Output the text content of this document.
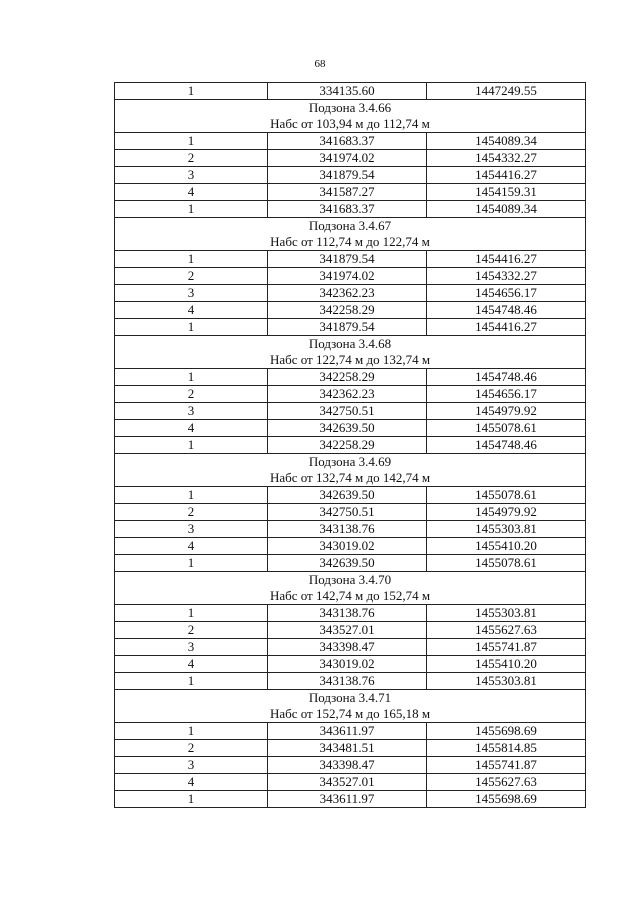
68
1	334135.60	1447249.55

Подзона 3.4.66
Набс от 103,94 м до 112,74 м		

1	341683.37	1454089.34
2	341974.02	1454332.27
3	341879.54	1454416.27
4	341587.27	1454159.31
1	341683.37	1454089.34

Подзона 3.4.67
Набс от 112,74 м до 122,74 м		

1	341879.54	1454416.27
2	341974.02	1454332.27
3	342362.23	1454656.17
4	342258.29	1454748.46
1	341879.54	1454416.27

Подзона 3.4.68
Набс от 122,74 м до 132,74 м		

1	342258.29	1454748.46
2	342362.23	1454656.17
3	342750.51	1454979.92
4	342639.50	1455078.61
1	342258.29	1454748.46

Подзона 3.4.69
Набс от 132,74 м до 142,74 м		

1	342639.50	1455078.61
2	342750.51	1454979.92
3	343138.76	1455303.81
4	343019.02	1455410.20
1	342639.50	1455078.61

Подзона 3.4.70
Набс от 142,74 м до 152,74 м		

1	343138.76	1455303.81
2	343527.01	1455627.63
3	343398.47	1455741.87
4	343019.02	1455410.20
1	343138.76	1455303.81

Подзона 3.4.71
Набс от 152,74 м до 165,18 м		

1	343611.97	1455698.69
2	343481.51	1455814.85
3	343398.47	1455741.87
4	343527.01	1455627.63
1	343611.97	1455698.69
